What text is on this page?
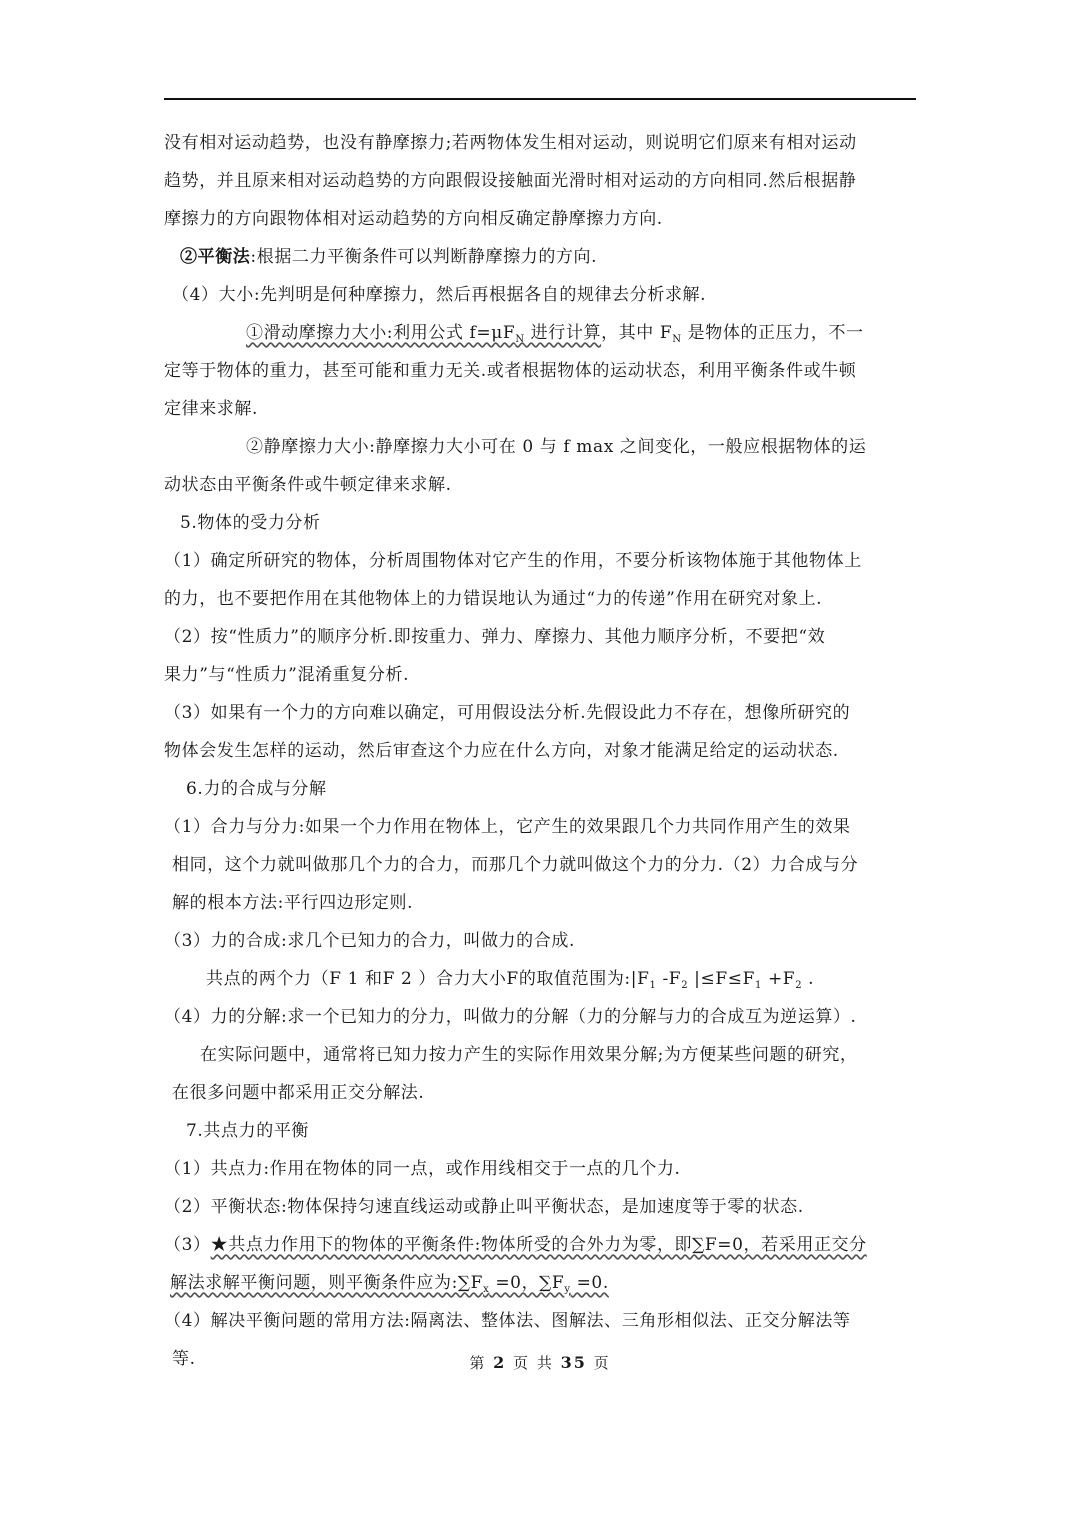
没有相对运动趋势，也没有静摩擦力;若两物体发生相对运动，则说明它们原来有相对运动
趋势，并且原来相对运动趋势的方向跟假设接触面光滑时相对运动的方向相同.然后根据静
摩擦力的方向跟物体相对运动趋势的方向相反确定静摩擦力方向.
②平衡法:根据二力平衡条件可以判断静摩擦力的方向.
（4）大小:先判明是何种摩擦力，然后再根据各自的规律去分析求解.
①滑动摩擦力大小:利用公式 $f=\mu F_N$ 进行计算，其中 $F_N$ 是物体的正压力，不一
定等于物体的重力，甚至可能和重力无关.或者根据物体的运动状态，利用平衡条件或牛顿
定律来求解.
②静摩擦力大小:静摩擦力大小可在 0 与 f max 之间变化，一般应根据物体的运
动状态由平衡条件或牛顿定律来求解.
5.物体的受力分析
（1）确定所研究的物体，分析周围物体对它产生的作用，不要分析该物体施于其他物体上
的力，也不要把作用在其他物体上的力错误地认为通过“力的传递”作用在研究对象上.
（2）按“性质力”的顺序分析.即按重力、弹力、摩擦力、其他力顺序分析，不要把“效
果力”与“性质力”混淆重复分析.
（3）如果有一个力的方向难以确定，可用假设法分析.先假设此力不存在，想像所研究的
物体会发生怎样的运动，然后审查这个力应在什么方向，对象才能满足给定的运动状态.
6.力的合成与分解
（1）合力与分力:如果一个力作用在物体上，它产生的效果跟几个力共同作用产生的效果
相同，这个力就叫做那几个力的合力，而那几个力就叫做这个力的分力.（2）力合成与分
解的根本方法:平行四边形定则.
（3）力的合成:求几个已知力的合力，叫做力的合成.
共点的两个力（F 1 和F 2 ）合力大小F的取值范围为$:|F_1$ $-F_2$ $|\le F\le F_1 +F_2$ .
（4）力的分解:求一个已知力的分力，叫做力的分解（力的分解与力的合成互为逆运算）.
在实际问题中，通常将已知力按力产生的实际作用效果分解;为方便某些问题的研究，
在很多问题中都采用正交分解法.
7.共点力的平衡
（1）共点力:作用在物体的同一点，或作用线相交于一点的几个力.
（2）平衡状态:物体保持匀速直线运动或静止叫平衡状态，是加速度等于零的状态.
（3）★共点力作用下的物体的平衡条件:物体所受的合外力为零，即∑F=0，若采用正交分
解法求解平衡问题，则平衡条件应为$:\sum F_x =0$，$\sum F_y =0$.
（4）解决平衡问题的常用方法:隔离法、整体法、图解法、三角形相似法、正交分解法等
等.	第 2 页 共 35 页
